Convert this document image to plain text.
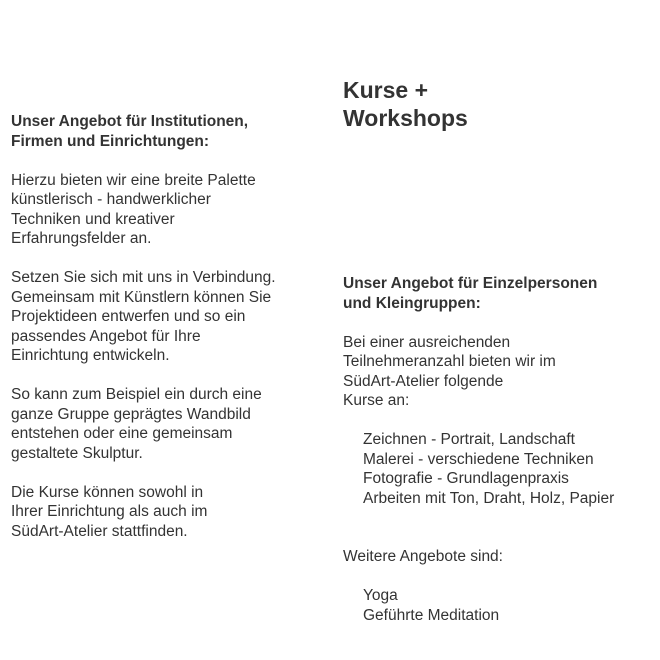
Unser Angebot für Institutionen,
Firmen und Einrichtungen:

Hierzu bieten wir eine breite Palette
künstlerisch - handwerklicher
Techniken und kreativer
Erfahrungsfelder an.

Setzen Sie sich mit uns in Verbindung.
Gemeinsam mit Künstlern können Sie
Projektideen entwerfen und so ein
passendes Angebot für Ihre
Einrichtung entwickeln.

So kann zum Beispiel ein durch eine
ganze Gruppe geprägtes Wandbild
entstehen oder eine gemeinsam
gestaltete Skulptur.

Die Kurse können sowohl in
Ihrer Einrichtung als auch im
SüdArt-Atelier stattfinden.

Kurse +
Workshops
Unser Angebot für Einzelpersonen
und Kleingruppen:

Bei einer ausreichenden
Teilnehmeranzahl bieten wir im
SüdArt-Atelier folgende
Kurse an:

Zeichnen - Portrait, Landschaft
Malerei - verschiedene Techniken
Fotografie - Grundlagenpraxis
Arbeiten mit Ton, Draht, Holz, Papier

Weitere Angebote sind:

Yoga
Geführte Meditation
